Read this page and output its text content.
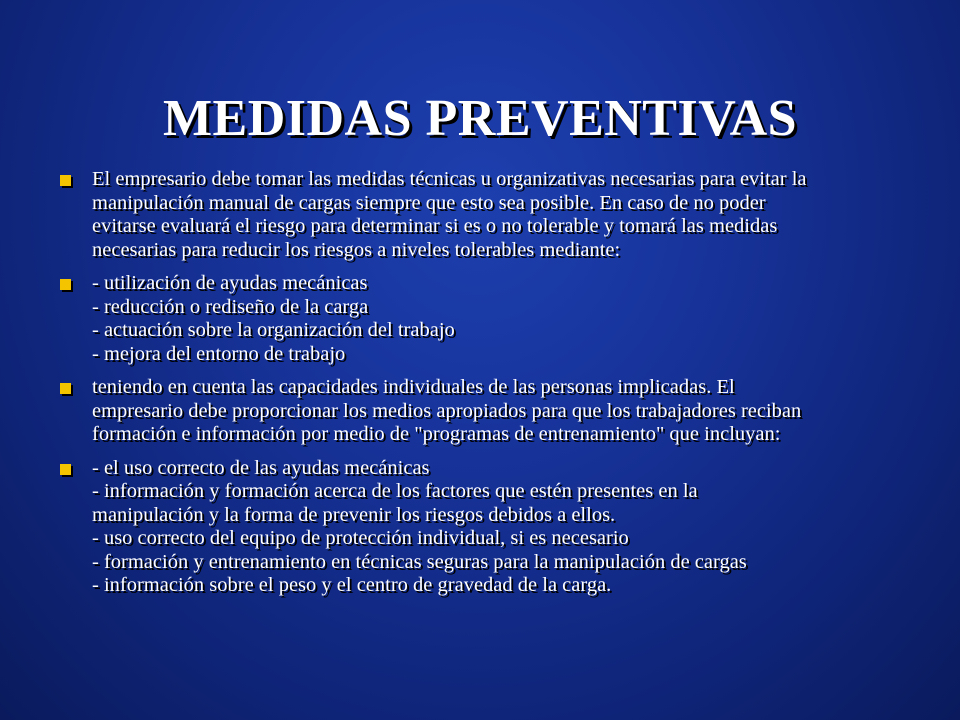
MEDIDAS PREVENTIVAS
El empresario debe tomar las medidas técnicas u organizativas necesarias para evitar la
manipulación manual de cargas siempre que esto sea posible. En caso de no poder
evitarse evaluará el riesgo para determinar si es o no tolerable y tomará las medidas
necesarias para reducir los riesgos a niveles tolerables mediante:
- utilización de ayudas mecánicas
- reducción o rediseño de la carga
- actuación sobre la organización del trabajo
- mejora del entorno de trabajo
teniendo en cuenta las capacidades individuales de las personas implicadas. El
empresario debe proporcionar los medios apropiados para que los trabajadores reciban
formación e información por medio de "programas de entrenamiento" que incluyan:
- el uso correcto de las ayudas mecánicas
- información y formación acerca de los factores que estén presentes en la
manipulación y la forma de prevenir los riesgos debidos a ellos.
- uso correcto del equipo de protección individual, si es necesario
- formación y entrenamiento en técnicas seguras para la manipulación de cargas
- información sobre el peso y el centro de gravedad de la carga.
